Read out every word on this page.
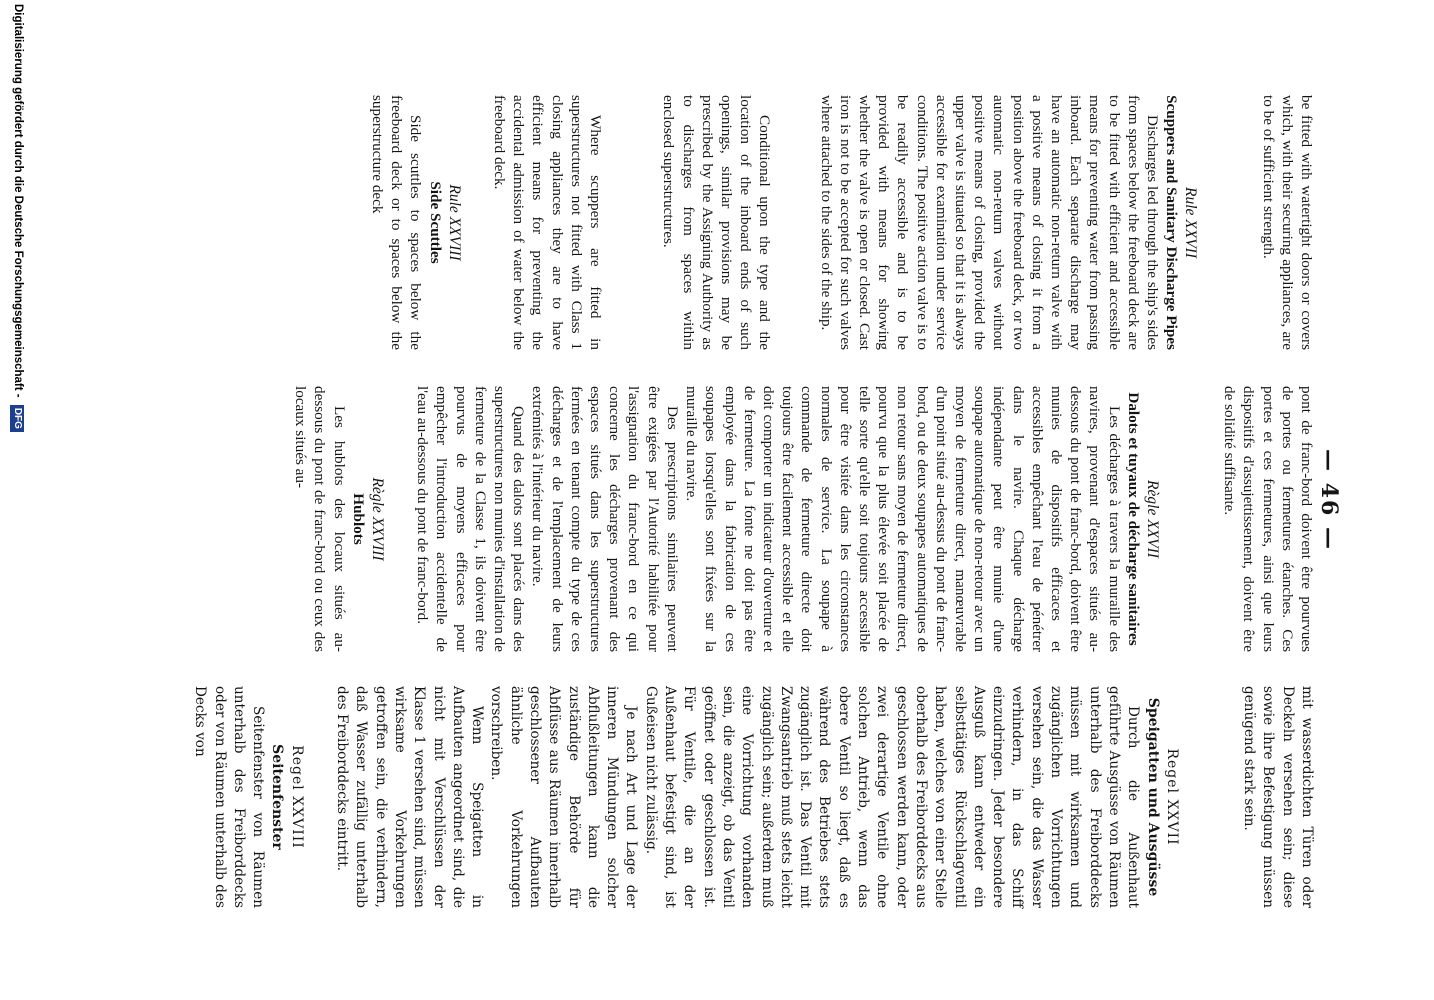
— 46 —

be fitted with watertight doors or covers which, with their securing appliances, are to be of sufficient strength.

Rule XXVII
Scuppers and Sanitary Discharge Pipes

Discharges led through the ship's sides from spaces below the freeboard deck are to be fitted with efficient and accessible means for preventing water from passing inboard. Each separate discharge may have an automatic non-return valve with a positive means of closing it from a position above the freeboard deck, or two automatic non-return valves without positive means of closing, provided the upper valve is situated so that it is always accessible for examination under service conditions. The positive action valve is to be readily accessible and is to be provided with means for showing whether the valve is open or closed. Cast iron is not to be accepted for such valves where attached to the sides of the ship.

Conditional upon the type and the location of the inboard ends of such openings, similar provisions may be prescribed by the Assigning Authority as to discharges from spaces within enclosed superstructures.

Where scuppers are fitted in superstructures not fitted with Class 1 closing appliances they are to have efficient means for preventing the accidental admission of water below the freeboard deck.

Rule XXVIII
Side Scuttles

Side scuttles to spaces below the freeboard deck or to spaces below the superstructure deck

pont de franc-bord doivent être pourvues de portes ou fermetures étanches. Ces portes et ces fermetures, ainsi que leurs dispositifs d'assujettissement, doivent être de solidité suffisante.

Règle XXVII
Dalots et tuyaux de décharge sanitaires

Les décharges à travers la muraille des navires, provenant d'espaces situés au-dessous du pont de franc-bord, doivent être munies de dispositifs efficaces et accessibles empêchant l'eau de pénétrer dans le navire. Chaque décharge indépendante peut être munie d'une soupape automatique de non-retour avec un moyen de fermeture direct, manœuvrable d'un point situé au-dessus du pont de franc-bord, ou de deux soupapes automatiques de non retour sans moyen de fermeture direct, pourvu que la plus élevée soit placée de telle sorte qu'elle soit toujours accessible pour être visitée dans les circonstances normales de service. La soupape à commande de fermeture directe doit toujours être facilement accessible et elle doit comporter un indicateur d'ouverture et de fermeture. La fonte ne doit pas être employée dans la fabrication de ces soupapes lorsqu'elles sont fixées sur la muraille du navire.

Des prescriptions similaires peuvent être exigées par l'Autorité habilitée pour l'assignation du franc-bord en ce qui concerne les décharges provenant des espaces situés dans les superstructures fermées en tenant compte du type de ces décharges et de l'emplacement de leurs extrémités à l'intérieur du navire.

Quand des dalots sont placés dans des superstructures non munies d'installation de fermeture de la Classe 1, ils doivent être pourvus de moyens efficaces pour empêcher l'introduction accidentelle de l'eau au-dessous du pont de franc-bord.

Règle XXVIII
Hublots

Les hublots des locaux situés au-dessous du pont de franc-bord ou ceux des locaux situés au-

mit wasserdichten Türen oder Deckeln versehen sein; diese sowie ihre Befestigung müssen genügend stark sein.

Regel XXVII
Speigatten und Ausgüsse

Durch die Außenhaut geführte Ausgüsse von Räumen unterhalb des Freiborddecks müssen mit wirksamen und zugänglichen Vorrichtungen versehen sein, die das Wasser verhindern, in das Schiff einzudringen. Jeder besondere Ausguß kann entweder ein selbsttätiges Rückschlagventil haben, welches von einer Stelle oberhalb des Freiborddecks aus geschlossen werden kann, oder zwei derartige Ventile ohne solchen Antrieb, wenn das obere Ventil so liegt, daß es während des Betriebes stets zugänglich ist. Das Ventil mit Zwangsantrieb muß stets leicht zugänglich sein; außerdem muß eine Vorrichtung vorhanden sein, die anzeigt, ob das Ventil geöffnet oder geschlossen ist. Für Ventile, die an der Außenhaut befestigt sind, ist Gußeisen nicht zulässig.

Je nach Art und Lage der inneren Mündungen solcher Abflußleitungen kann die zuständige Behörde für Abflüsse aus Räumen innerhalb geschlossener Aufbauten ähnliche Vorkehrungen vorschreiben.

Wenn Speigatten in Aufbauten angeordnet sind, die nicht mit Verschlüssen der Klasse 1 versehen sind, müssen wirksame Vorkehrungen getroffen sein, die verhindern, daß Wasser zufällig unterhalb des Freiborddecks eintritt.

Regel XXVIII
Seitenfenster

Seitenfenster von Räumen unterhalb des Freiborddecks oder von Räumen unterhalb des Decks von

Digitalisierung gefördert durch die Deutsche Forschungsgemeinschaft - DFG
